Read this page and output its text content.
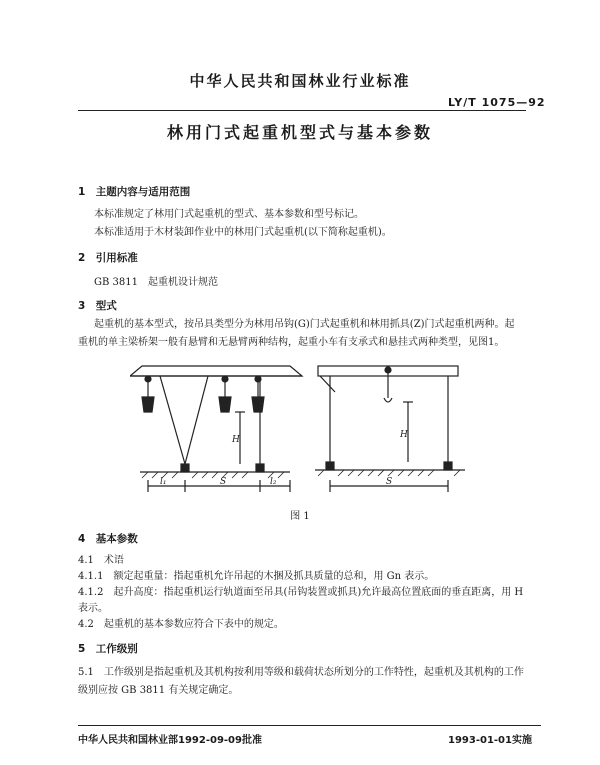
中华人民共和国林业行业标准
LY/T 1075—92
林用门式起重机型式与基本参数
1　主题内容与适用范围
本标准规定了林用门式起重机的型式、基本参数和型号标记。
本标准适用于木材装卸作业中的林用门式起重机(以下简称起重机)。
2　引用标准
GB 3811　起重机设计规范
3　型式
起重机的基本型式，按吊具类型分为林用吊钩(G)门式起重机和林用抓具(Z)门式起重机两种。起
重机的单主梁桥架一般有悬臂和无悬臂两种结构，起重小车有支承式和悬挂式两种类型，见图1。
H	H
S	S
l₁	l₂
图 1
4　基本参数
4.1　术语
4.1.1　额定起重量：指起重机允许吊起的木捆及抓具质量的总和，用 Gn 表示。
4.1.2　起升高度：指起重机运行轨道面至吊具(吊钩装置或抓具)允许最高位置底面的垂直距离，用 H
表示。
4.2　起重机的基本参数应符合下表中的规定。
5　工作级别
5.1　工作级别是指起重机及其机构按利用等级和载荷状态所划分的工作特性，起重机及其机构的工作
级别应按 GB 3811 有关规定确定。
中华人民共和国林业部1992-09-09批准	1993-01-01实施
